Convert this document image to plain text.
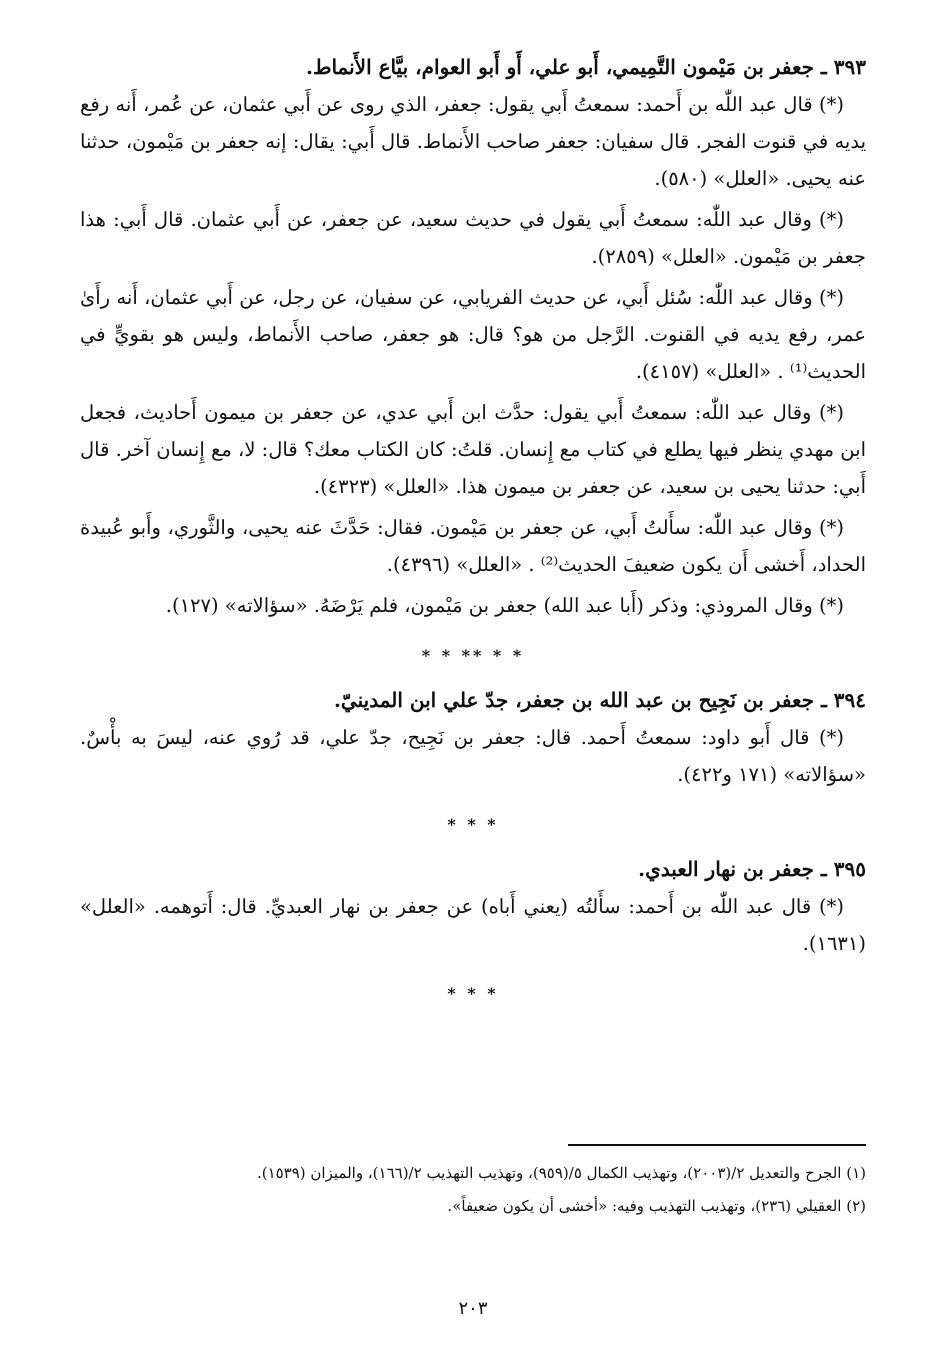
٣٩٣ ـ جعفر بن مَيْمون التَّمِيمي، أَبو علي، أَو أَبو العوام، بيَّاع الأَنماط.

(*) قال عبد اللّٰه بن أَحمد: سمعتُ أَبي يقول: جعفر، الذي روى عن أَبي عثمان، عن عُمر، أَنه رفع يديه في قنوت الفجر. قال سفيان: جعفر صاحب الأَنماط. قال أَبي: يقال: إنه جعفر بن مَيْمون، حدثنا عنه يحيى. «العلل» (٥٨٠).

(*) وقال عبد اللّٰه: سمعتُ أَبي يقول في حديث سعيد، عن جعفر، عن أَبي عثمان. قال أَبي: هذا جعفر بن مَيْمون. «العلل» (٢٨٥٩).

(*) وقال عبد اللّٰه: سُئل أَبي، عن حديث الفريابي، عن سفيان، عن رجل، عن أَبي عثمان، أَنه رأَىٰ عمر، رفع يديه في القنوت. الرَّجل من هو؟ قال: هو جعفر، صاحب الأَنماط، وليس هو بقويٍّ في الحديث⁽¹⁾ . «العلل» (٤١٥٧).

(*) وقال عبد اللّٰه: سمعتُ أَبي يقول: حدَّث ابن أَبي عدي، عن جعفر بن ميمون أَحاديث، فجعل ابن مهدي ينظر فيها يطلع في كتاب مع إِنسان. قلتُ: كان الكتاب معك؟ قال: لا، مع إِنسان آخر. قال أَبي: حدثنا يحيى بن سعيد، عن جعفر بن ميمون هذا. «العلل» (٤٣٢٣).

(*) وقال عبد اللّٰه: سأَلتُ أَبي، عن جعفر بن مَيْمون. فقال: حَدَّثَ عنه يحيى، والثَّوري، وأَبو عُبيدة الحداد، أَخشى أَن يكون ضعيفَ الحديث⁽²⁾ . «العلل» (٤٣٩٦).

(*) وقال المروذي: وذكر (أَبا عبد الله) جعفر بن مَيْمون، فلم يَرْضَهُ. «سؤالاته» (١٢٧).

* * ** * *
٣٩٤ ـ جعفر بن نَجِيح بن عبد الله بن جعفر، جدّ علي ابن المدينيّ.

(*) قال أَبو داود: سمعتُ أَحمد. قال: جعفر بن نَجِيح، جدّ علي، قد رُوي عنه، ليسَ به بأْسٌ. «سؤالاته» (١٧١ و٤٢٢).

* * *
٣٩٥ ـ جعفر بن نهار العبدي.

(*) قال عبد اللّٰه بن أَحمد: سأَلتُه (يعني أَباه) عن جعفر بن نهار العبديِّ. قال: أَتوهمه. «العلل» (١٦٣١).

* * *

(١) الجرح والتعديل ٢/(٢٠٠٣)، وتهذيب الكمال ٥/(٩٥٩)، وتهذيب التهذيب ٢/(١٦٦)، والميزان (١٥٣٩).

(٢) العقيلي (٢٣٦)، وتهذيب التهذيب وفيه: «أخشى أن يكون ضعيفاً».

٢٠٣
